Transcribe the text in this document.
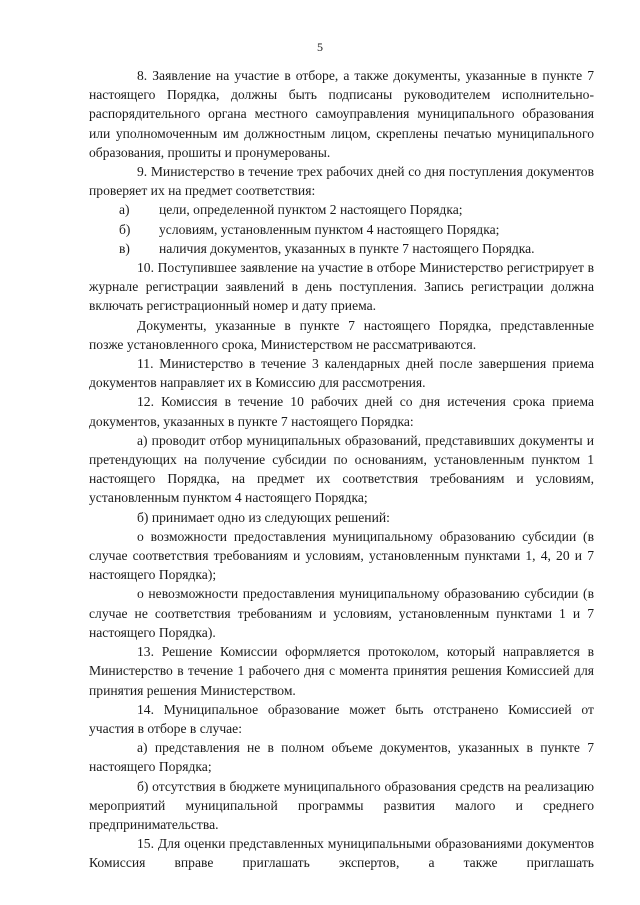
5

8. Заявление на участие в отборе, а также документы, указанные в пункте 7 настоящего Порядка, должны быть подписаны руководителем исполнительно-распорядительного органа местного самоуправления муниципального образования или уполномоченным им должностным лицом, скреплены печатью муниципального образования, прошиты и пронумерованы.

9. Министерство в течение трех рабочих дней со дня поступления документов проверяет их на предмет соответствия:

а)	цели, определенной пунктом 2 настоящего Порядка;
б)	условиям, установленным пунктом 4 настоящего Порядка;
в)	наличия документов, указанных в пункте 7 настоящего Порядка.

10. Поступившее заявление на участие в отборе Министерство регистрирует в журнале регистрации заявлений в день поступления. Запись регистрации должна включать регистрационный номер и дату приема.

Документы, указанные в пункте 7 настоящего Порядка, представленные позже установленного срока, Министерством не рассматриваются.

11. Министерство в течение 3 календарных дней после завершения приема документов направляет их в Комиссию для рассмотрения.

12. Комиссия в течение 10 рабочих дней со дня истечения срока приема документов, указанных в пункте 7 настоящего Порядка:

а) проводит отбор муниципальных образований, представивших документы и претендующих на получение субсидии по основаниям, установленным пунктом 1 настоящего Порядка, на предмет их соответствия требованиям и условиям, установленным пунктом 4 настоящего Порядка;

б) принимает одно из следующих решений:

о возможности предоставления муниципальному образованию субсидии (в случае соответствия требованиям и условиям, установленным пунктами 1, 4, 20 и 7 настоящего Порядка);

о невозможности предоставления муниципальному образованию субсидии (в случае не соответствия требованиям и условиям, установленным пунктами 1 и 7 настоящего Порядка).

13. Решение Комиссии оформляется протоколом, который направляется в Министерство в течение 1 рабочего дня с момента принятия решения Комиссией для принятия решения Министерством.

14. Муниципальное образование может быть отстранено Комиссией от участия в отборе в случае:

а) представления не в полном объеме документов, указанных в пункте 7 настоящего Порядка;

б) отсутствия в бюджете муниципального образования средств на реализацию мероприятий муниципальной программы развития малого и среднего предпринимательства.

15. Для оценки представленных муниципальными образованиями документов Комиссия вправе приглашать экспертов, а также приглашать
